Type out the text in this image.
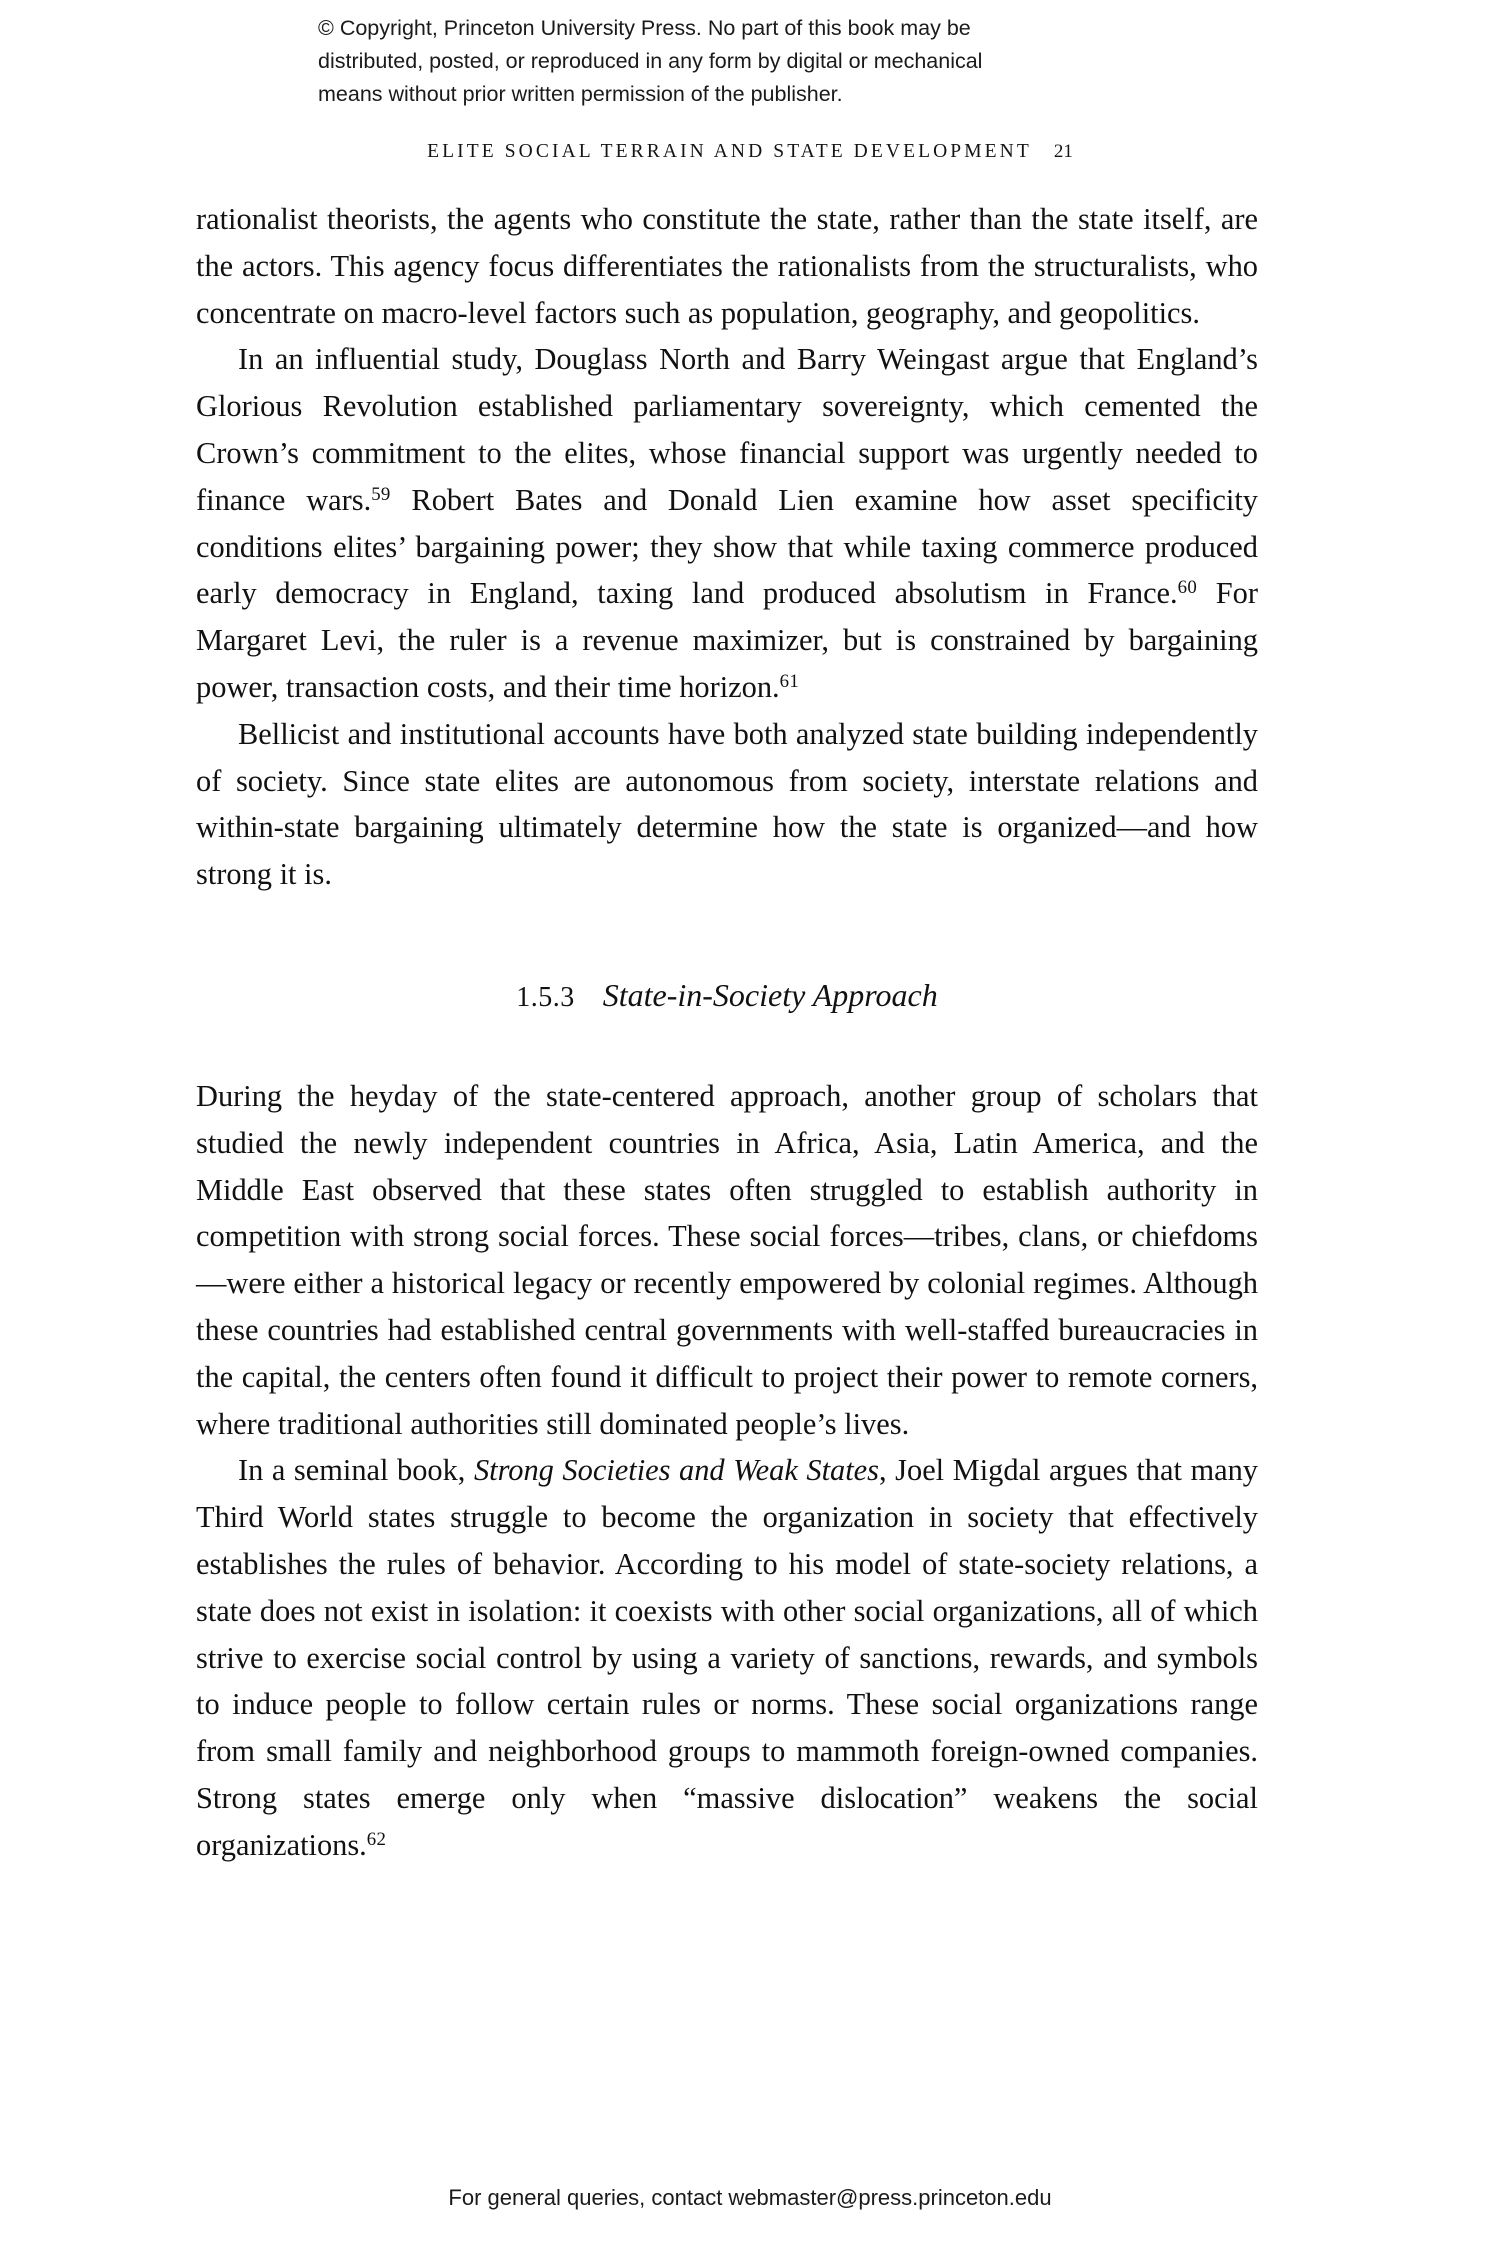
© Copyright, Princeton University Press. No part of this book may be
distributed, posted, or reproduced in any form by digital or mechanical
means without prior written permission of the publisher.
ELITE SOCIAL TERRAIN AND STATE DEVELOPMENT 21

rationalist theorists, the agents who constitute the state, rather than the state itself, are the actors. This agency focus differentiates the rationalists from the structuralists, who concentrate on macro-level factors such as population, geography, and geopolitics.

In an influential study, Douglass North and Barry Weingast argue that England’s Glorious Revolution established parliamentary sovereignty, which cemented the Crown’s commitment to the elites, whose financial support was urgently needed to finance wars.$^{59}$ Robert Bates and Donald Lien examine how asset specificity conditions elites’ bargaining power; they show that while taxing commerce produced early democracy in England, taxing land produced absolutism in France.$^{60}$ For Margaret Levi, the ruler is a revenue maximizer, but is constrained by bargaining power, transaction costs, and their time horizon.$^{61}$

Bellicist and institutional accounts have both analyzed state building independently of society. Since state elites are autonomous from society, interstate relations and within-state bargaining ultimately determine how the state is organized—and how strong it is.

1.5.3 State-in-Society Approach

During the heyday of the state-centered approach, another group of scholars that studied the newly independent countries in Africa, Asia, Latin America, and the Middle East observed that these states often struggled to establish authority in competition with strong social forces. These social forces—tribes, clans, or chiefdoms—were either a historical legacy or recently empowered by colonial regimes. Although these countries had established central governments with well-staffed bureaucracies in the capital, the centers often found it difficult to project their power to remote corners, where traditional authorities still dominated people’s lives.

In a seminal book, Strong Societies and Weak States, Joel Migdal argues that many Third World states struggle to become the organization in society that effectively establishes the rules of behavior. According to his model of state-society relations, a state does not exist in isolation: it coexists with other social organizations, all of which strive to exercise social control by using a variety of sanctions, rewards, and symbols to induce people to follow certain rules or norms. These social organizations range from small family and neighborhood groups to mammoth foreign-owned companies. Strong states emerge only when “massive dislocation” weakens the social organizations.$^{62}$

For general queries, contact webmaster@press.princeton.edu
